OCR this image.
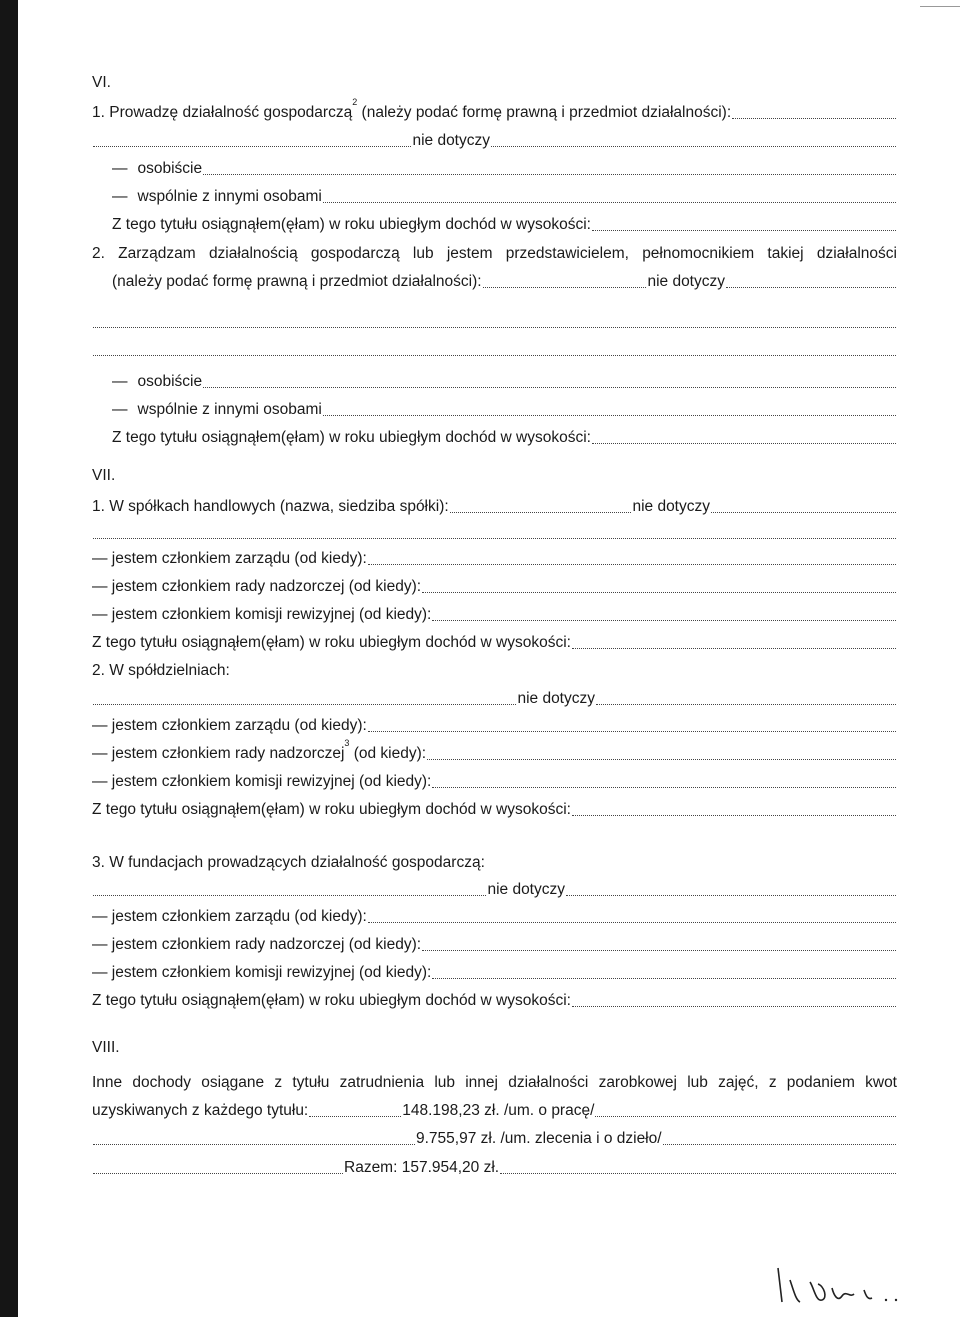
VI.
1. Prowadzę działalność gospodarczą$^2$ (należy podać formę prawną i przedmiot działalności):
nie dotyczy
— osobiście
— wspólnie z innymi osobami
Z tego tytułu osiągnąłem(ęłam) w roku ubiegłym dochód w wysokości:
2. Zarządzam działalnością gospodarczą lub jestem przedstawicielem, pełnomocnikiem takiej działalności
(należy podać formę prawną i przedmiot działalności):	nie dotyczy
— osobiście
— wspólnie z innymi osobami
Z tego tytułu osiągnąłem(ęłam) w roku ubiegłym dochód w wysokości:
VII.
1. W spółkach handlowych (nazwa, siedziba spółki):	nie dotyczy
— jestem członkiem zarządu (od kiedy):
— jestem członkiem rady nadzorczej (od kiedy):
— jestem członkiem komisji rewizyjnej (od kiedy):
Z tego tytułu osiągnąłem(ęłam) w roku ubiegłym dochód w wysokości:
2. W spółdzielniach:
nie dotyczy
— jestem członkiem zarządu (od kiedy):
— jestem członkiem rady nadzorczej$^3$ (od kiedy):
— jestem członkiem komisji rewizyjnej (od kiedy):
Z tego tytułu osiągnąłem(ęłam) w roku ubiegłym dochód w wysokości:
3. W fundacjach prowadzących działalność gospodarczą:
nie dotyczy
— jestem członkiem zarządu (od kiedy):
— jestem członkiem rady nadzorczej (od kiedy):
— jestem członkiem komisji rewizyjnej (od kiedy):
Z tego tytułu osiągnąłem(ęłam) w roku ubiegłym dochód w wysokości:
VIII.
Inne dochody osiągane z tytułu zatrudnienia lub innej działalności zarobkowej lub zajęć, z podaniem kwot
uzyskiwanych z każdego tytułu:	148.198,23 zł. /um. o pracę/
9.755,97 zł. /um. zlecenia i o dzieło/
Razem: 157.954,20 zł.
